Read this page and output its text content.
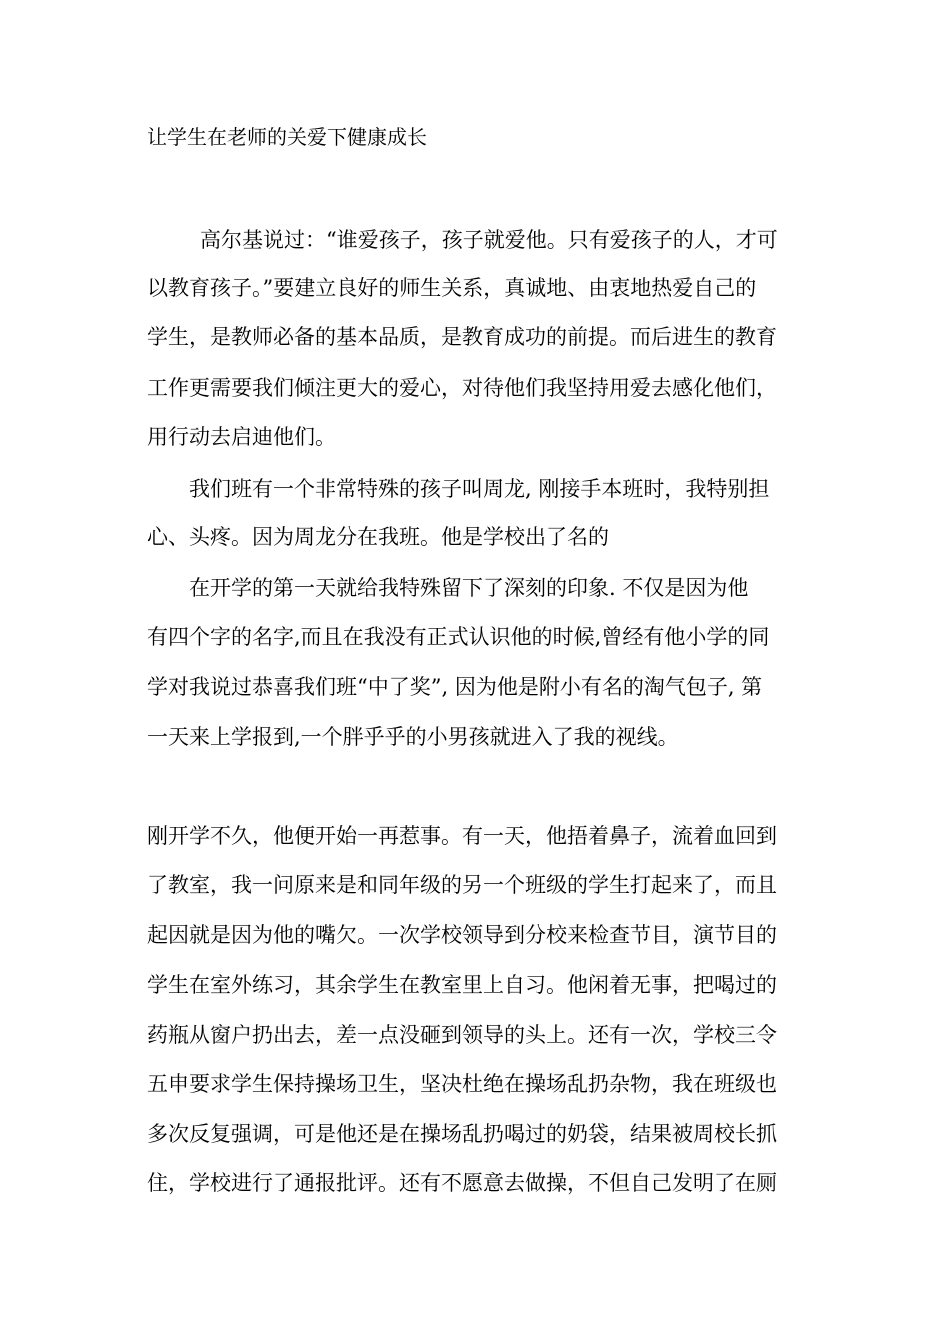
让学生在老师的关爱下健康成长
高尔基说过：“谁爱孩子，孩子就爱他。只有爱孩子的人，才可
以教育孩子。”要建立良好的师生关系，真诚地、由衷地热爱自己的
学生，是教师必备的基本品质，是教育成功的前提。而后进生的教育
工作更需要我们倾注更大的爱心，对待他们我坚持用爱去感化他们，
用行动去启迪他们。
我们班有一个非常特殊的孩子叫周龙, 刚接手本班时，我特别担
心、头疼。因为周龙分在我班。他是学校出了名的
在开学的第一天就给我特殊留下了深刻的印象. 不仅是因为他
有四个字的名字,而且在我没有正式认识他的时候,曾经有他小学的同
学对我说过恭喜我们班“中了奖”, 因为他是附小有名的淘气包子, 第
一天来上学报到,一个胖乎乎的小男孩就进入了我的视线。
刚开学不久，他便开始一再惹事。有一天，他捂着鼻子，流着血回到
了教室，我一问原来是和同年级的另一个班级的学生打起来了，而且
起因就是因为他的嘴欠。一次学校领导到分校来检查节目，演节目的
学生在室外练习，其余学生在教室里上自习。他闲着无事，把喝过的
药瓶从窗户扔出去，差一点没砸到领导的头上。还有一次，学校三令
五申要求学生保持操场卫生，坚决杜绝在操场乱扔杂物，我在班级也
多次反复强调，可是他还是在操场乱扔喝过的奶袋，结果被周校长抓
住，学校进行了通报批评。还有不愿意去做操，不但自己发明了在厕
